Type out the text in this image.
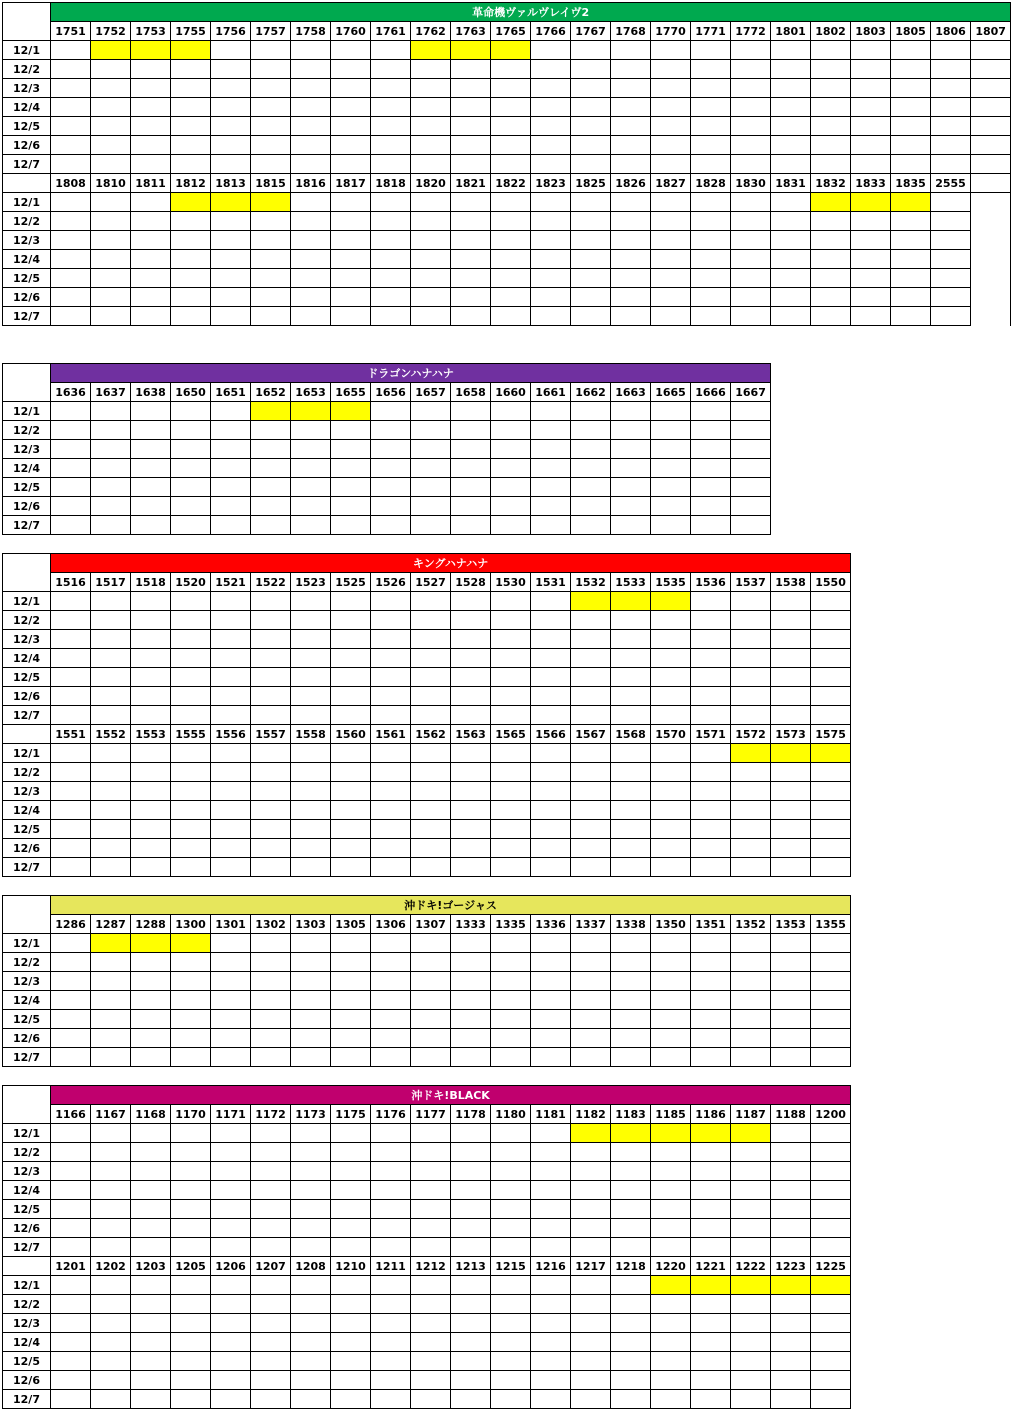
	革命機ヴァルヴレイヴ2																							
	1751	1752	1753	1755	1756	1757	1758	1760	1761	1762	1763	1765	1766	1767	1768	1770	1771	1772	1801	1802	1803	1805	1806	1807
12/1																								
12/2																								
12/3																								
12/4																								
12/5																								
12/6																								
12/7																								
	1808	1810	1811	1812	1813	1815	1816	1817	1818	1820	1821	1822	1823	1825	1826	1827	1828	1830	1831	1832	1833	1835	2555	
12/1																								
12/2																								
12/3																								
12/4																								
12/5																								
12/6																								
12/7																								
	ドラゴンハナハナ																	
	1636	1637	1638	1650	1651	1652	1653	1655	1656	1657	1658	1660	1661	1662	1663	1665	1666	1667
12/1																		
12/2																		
12/3																		
12/4																		
12/5																		
12/6																		
12/7																		
	キングハナハナ																			
	1516	1517	1518	1520	1521	1522	1523	1525	1526	1527	1528	1530	1531	1532	1533	1535	1536	1537	1538	1550
12/1																				
12/2																				
12/3																				
12/4																				
12/5																				
12/6																				
12/7																				
	1551	1552	1553	1555	1556	1557	1558	1560	1561	1562	1563	1565	1566	1567	1568	1570	1571	1572	1573	1575
12/1																				
12/2																				
12/3																				
12/4																				
12/5																				
12/6																				
12/7																				
	沖ドキ!ゴージャス																			
	1286	1287	1288	1300	1301	1302	1303	1305	1306	1307	1333	1335	1336	1337	1338	1350	1351	1352	1353	1355
12/1																				
12/2																				
12/3																				
12/4																				
12/5																				
12/6																				
12/7																				
	沖ドキ!BLACK																			
	1166	1167	1168	1170	1171	1172	1173	1175	1176	1177	1178	1180	1181	1182	1183	1185	1186	1187	1188	1200
12/1																				
12/2																				
12/3																				
12/4																				
12/5																				
12/6																				
12/7																				
	1201	1202	1203	1205	1206	1207	1208	1210	1211	1212	1213	1215	1216	1217	1218	1220	1221	1222	1223	1225
12/1																				
12/2																				
12/3																				
12/4																				
12/5																				
12/6																				
12/7																				
